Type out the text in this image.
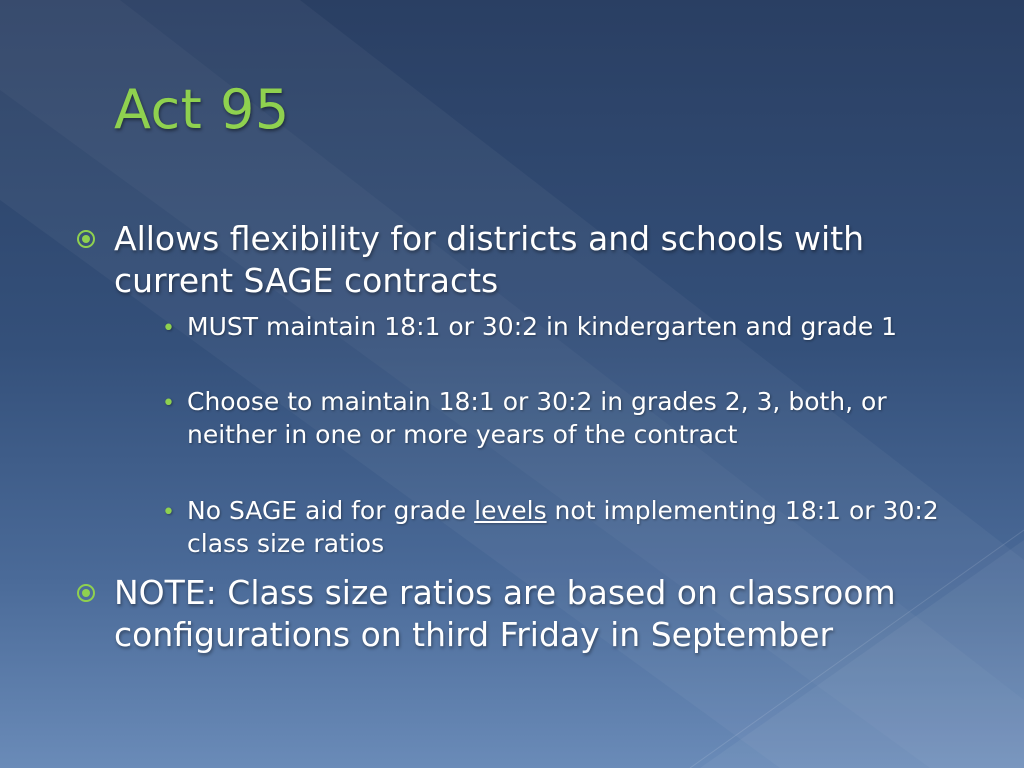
Act 95
Allows flexibility for districts and schools with current SAGE contracts
• MUST maintain 18:1 or 30:2 in kindergarten and grade 1
• Choose to maintain 18:1 or 30:2 in grades 2, 3, both, or neither in one or more years of the contract
• No SAGE aid for grade levels not implementing 18:1 or 30:2 class size ratios
NOTE: Class size ratios are based on classroom configurations on third Friday in September
